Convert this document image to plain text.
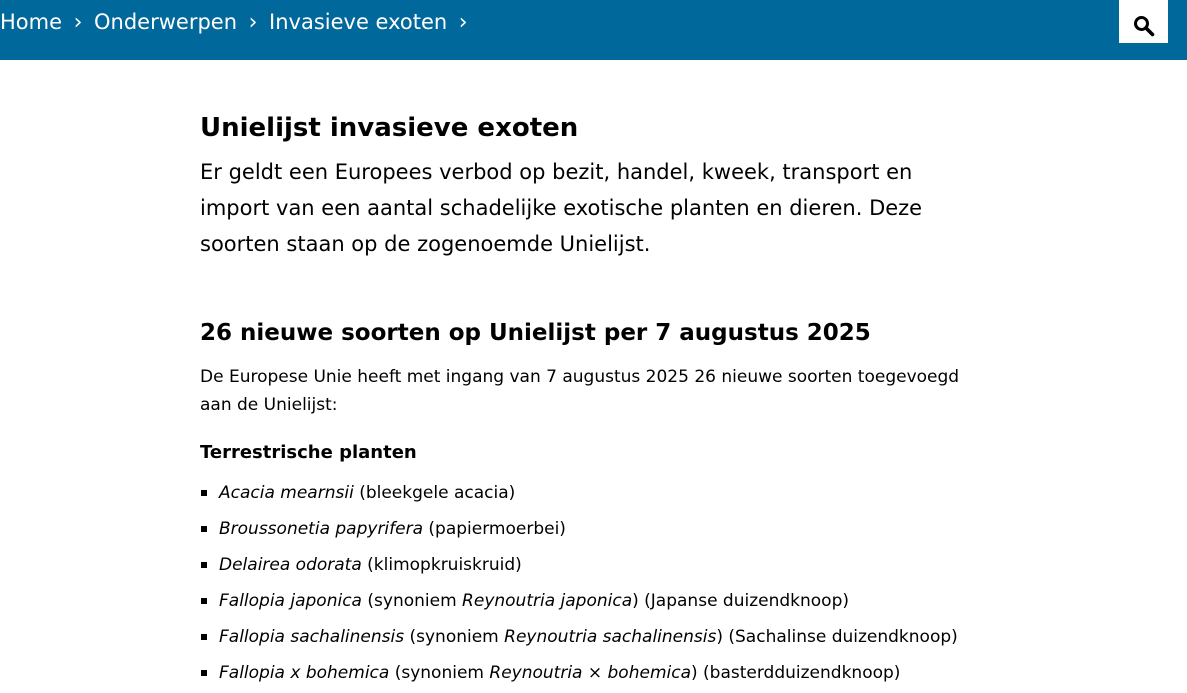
Home › Onderwerpen › Invasieve exoten ›
Unielijst invasieve exoten

Er geldt een Europees verbod op bezit, handel, kweek, transport en import van een aantal schadelijke exotische planten en dieren. Deze soorten staan op de zogenoemde Unielijst.

26 nieuwe soorten op Unielijst per 7 augustus 2025

De Europese Unie heeft met ingang van 7 augustus 2025 26 nieuwe soorten toegevoegd aan de Unielijst:

Terrestrische planten
Acacia mearnsii (bleekgele acacia)
Broussonetia papyrifera (papiermoerbei)
Delairea odorata (klimopkruiskruid)
Fallopia japonica (synoniem Reynoutria japonica) (Japanse duizendknoop)
Fallopia sachalinensis (synoniem Reynoutria sachalinensis) (Sachalinse duizendknoop)
Fallopia x bohemica (synoniem Reynoutria × bohemica) (basterdduizendknoop)
